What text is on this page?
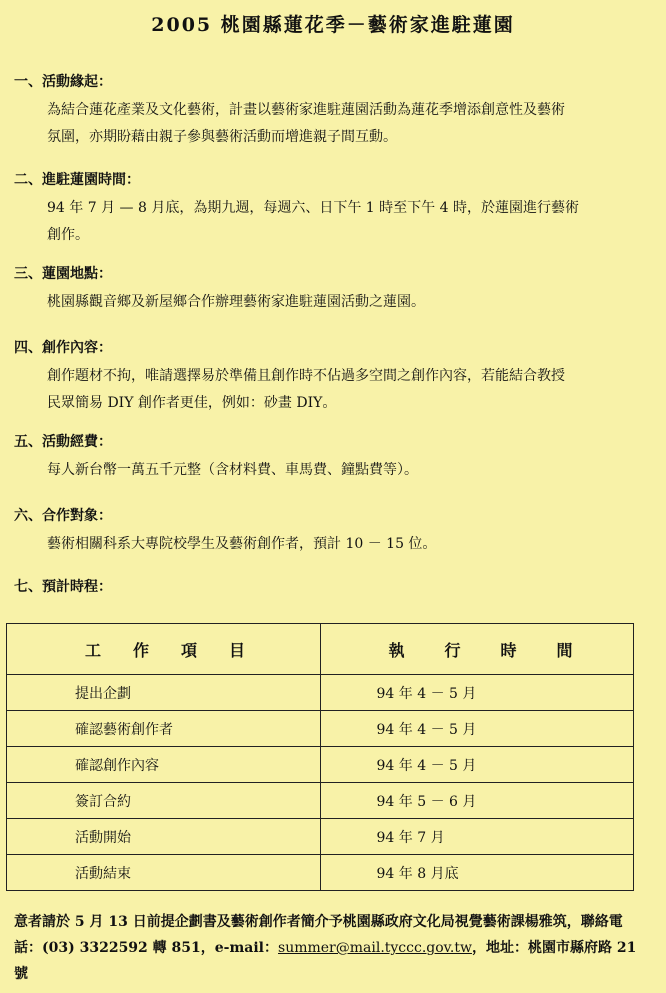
2005 桃園縣蓮花季－藝術家進駐蓮園

一、活動緣起：

為結合蓮花產業及文化藝術，計畫以藝術家進駐蓮園活動為蓮花季增添創意性及藝術
氛圍，亦期盼藉由親子參與藝術活動而增進親子間互動。

二、進駐蓮園時間：

94 年 7 月 — 8 月底，為期九週，每週六、日下午 1 時至下午 4 時，於蓮園進行藝術
創作。

三、蓮園地點：

桃園縣觀音鄉及新屋鄉合作辦理藝術家進駐蓮園活動之蓮園。

四、創作內容：

創作題材不拘，唯請選擇易於準備且創作時不佔過多空間之創作內容，若能結合教授
民眾簡易 DIY 創作者更佳，例如：砂畫 DIY。

五、活動經費：

每人新台幣一萬五千元整（含材料費、車馬費、鐘點費等）。

六、合作對象：

藝術相關科系大專院校學生及藝術創作者，預計 10 － 15 位。

七、預計時程：

工作項目	執行時間
提出企劃	94 年 4 － 5 月
確認藝術創作者	94 年 4 － 5 月
確認創作內容	94 年 4 － 5 月
簽訂合約	94 年 5 － 6 月
活動開始	94 年 7 月
活動結束	94 年 8 月底
意者請於 5 月 13 日前提企劃書及藝術創作者簡介予桃園縣政府文化局視覺藝術課楊雅筑，聯絡電話：(03) 3322592 轉 851，e-mail：summer@mail.tyccc.gov.tw，地址：桃園市縣府路 21 號
